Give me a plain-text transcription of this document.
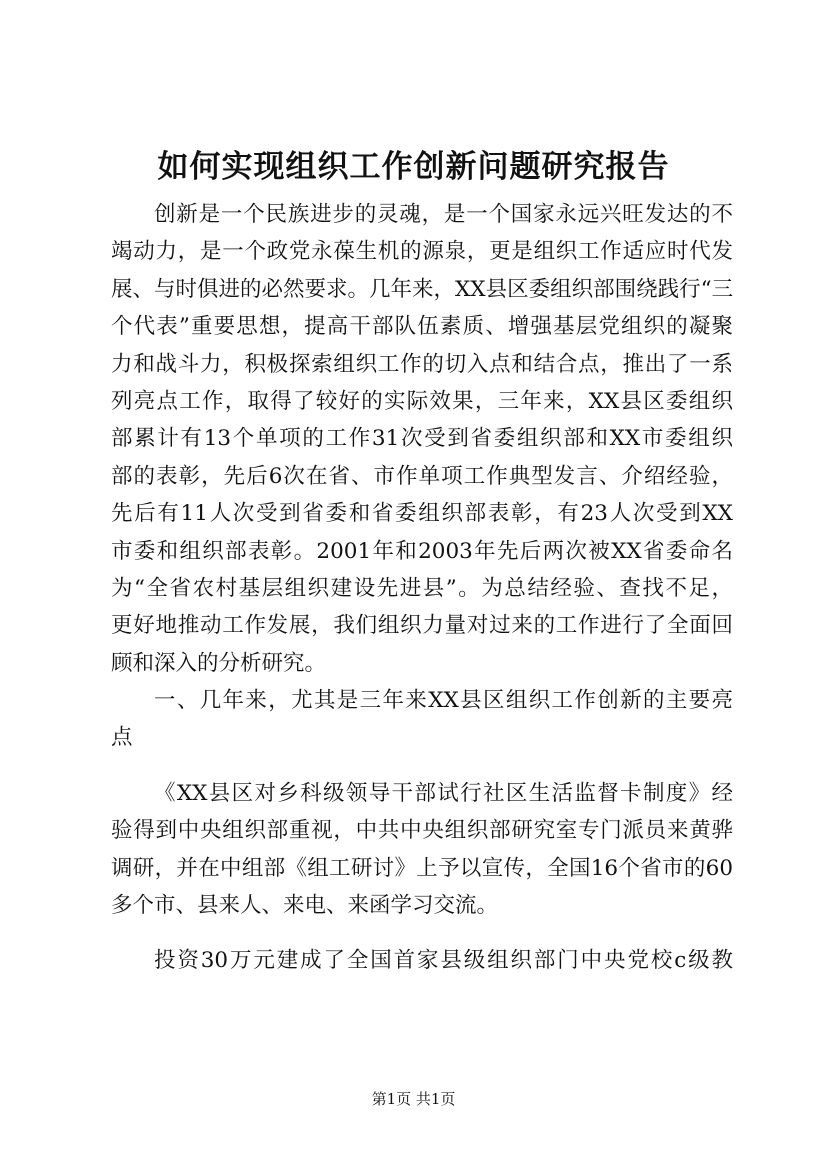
如何实现组织工作创新问题研究报告
创新是一个民族进步的灵魂，是一个国家永远兴旺发达的不
竭动力，是一个政党永葆生机的源泉，更是组织工作适应时代发
展、与时俱进的必然要求。几年来，XX县区委组织部围绕践行“三
个代表”重要思想，提高干部队伍素质、增强基层党组织的凝聚
力和战斗力，积极探索组织工作的切入点和结合点，推出了一系
列亮点工作，取得了较好的实际效果，三年来，XX县区委组织
部累计有13个单项的工作31次受到省委组织部和XX市委组织
部的表彰，先后6次在省、市作单项工作典型发言、介绍经验，
先后有11人次受到省委和省委组织部表彰，有23人次受到XX
市委和组织部表彰。2001年和2003年先后两次被XX省委命名
为“全省农村基层组织建设先进县”。为总结经验、查找不足，
更好地推动工作发展，我们组织力量对过来的工作进行了全面回
顾和深入的分析研究。
一、几年来，尤其是三年来XX县区组织工作创新的主要亮
点
《XX县区对乡科级领导干部试行社区生活监督卡制度》经
验得到中央组织部重视，中共中央组织部研究室专门派员来黄骅
调研，并在中组部《组工研讨》上予以宣传，全国16个省市的60
多个市、县来人、来电、来函学习交流。
投资30万元建成了全国首家县级组织部门中央党校c级教
第1页 共1页
